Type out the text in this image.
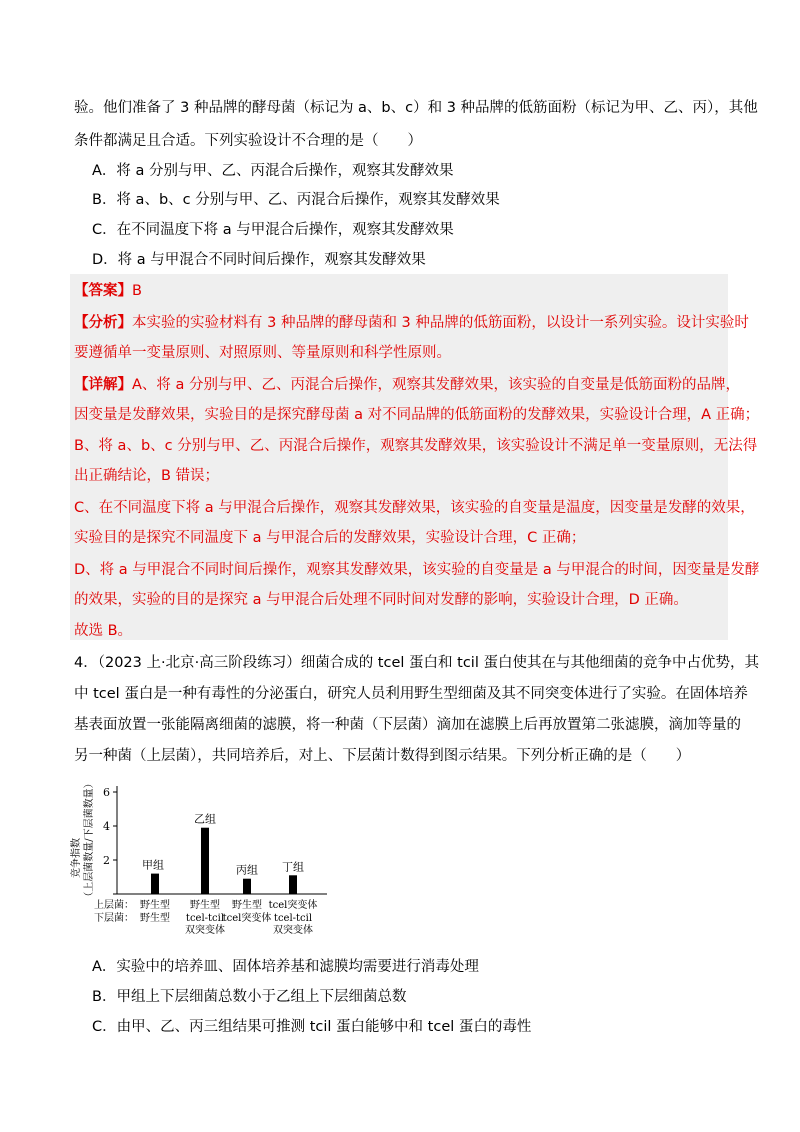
验。他们准备了 3 种品牌的酵母菌（标记为 a、b、c）和 3 种品牌的低筋面粉（标记为甲、乙、丙），其他
条件都满足且合适。下列实验设计不合理的是（　　）
A．将 a 分别与甲、乙、丙混合后操作，观察其发酵效果
B．将 a、b、c 分别与甲、乙、丙混合后操作，观察其发酵效果
C．在不同温度下将 a 与甲混合后操作，观察其发酵效果
D．将 a 与甲混合不同时间后操作，观察其发酵效果
【答案】B
【分析】本实验的实验材料有 3 种品牌的酵母菌和 3 种品牌的低筋面粉，以设计一系列实验。设计实验时
要遵循单一变量原则、对照原则、等量原则和科学性原则。
【详解】A、将 a 分别与甲、乙、丙混合后操作，观察其发酵效果，该实验的自变量是低筋面粉的品牌，
因变量是发酵效果，实验目的是探究酵母菌 a 对不同品牌的低筋面粉的发酵效果，实验设计合理，A 正确；
B、将 a、b、c 分别与甲、乙、丙混合后操作，观察其发酵效果，该实验设计不满足单一变量原则，无法得
出正确结论，B 错误；
C、在不同温度下将 a 与甲混合后操作，观察其发酵效果，该实验的自变量是温度，因变量是发酵的效果，
实验目的是探究不同温度下 a 与甲混合后的发酵效果，实验设计合理，C 正确；
D、将 a 与甲混合不同时间后操作，观察其发酵效果，该实验的自变量是 a 与甲混合的时间，因变量是发酵
的效果，实验的目的是探究 a 与甲混合后处理不同时间对发酵的影响，实验设计合理，D 正确。
故选 B。
4．（2023 上·北京·高三阶段练习）细菌合成的 tcel 蛋白和 tcil 蛋白使其在与其他细菌的竞争中占优势，其
中 tcel 蛋白是一种有毒性的分泌蛋白，研究人员利用野生型细菌及其不同突变体进行了实验。在固体培养
基表面放置一张能隔离细菌的滤膜，将一种菌（下层菌）滴加在滤膜上后再放置第二张滤膜，滴加等量的
另一种菌（上层菌），共同培养后，对上、下层菌计数得到图示结果。下列分析正确的是（　　）
竞争指数 （上层菌数量/下层菌数量） 2
4
6
甲组
乙组
丙组 丁组
上层菌：
下层菌：
野生型 野生型 野生型 tcel突变体
野生型 tcel-tcil
双突变体
tcel突变体 tcel-tcil
双突变体
A．实验中的培养皿、固体培养基和滤膜均需要进行消毒处理
B．甲组上下层细菌总数小于乙组上下层细菌总数
C．由甲、乙、丙三组结果可推测 tcil 蛋白能够中和 tcel 蛋白的毒性
